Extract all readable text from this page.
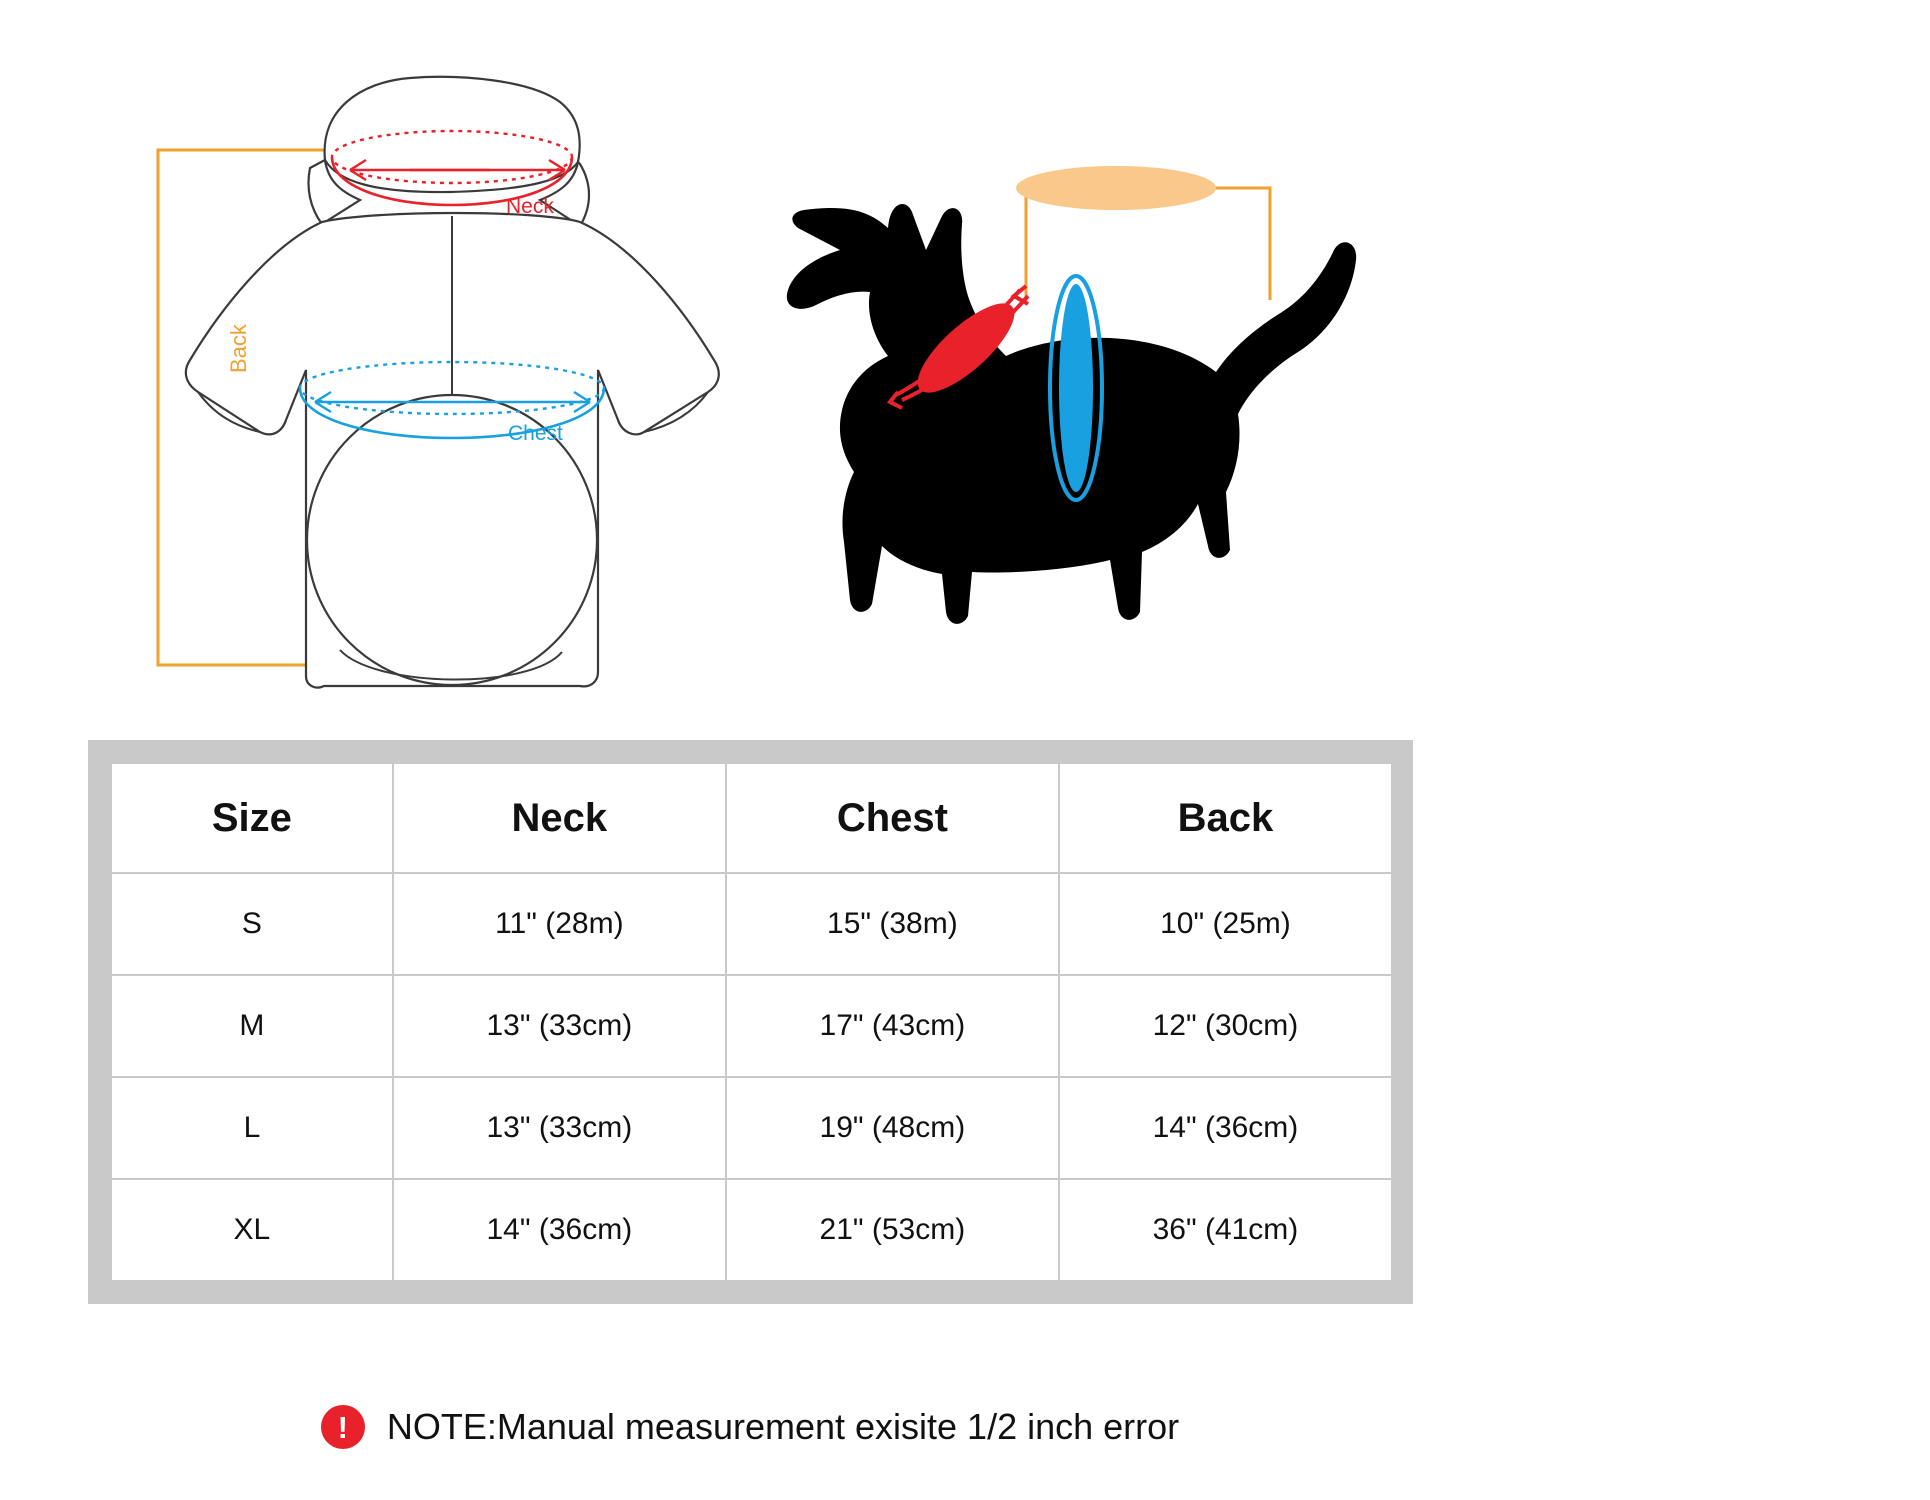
Neck
Chest
Back
Back
Chest
Chest
Size	Neck	Chest	Back
S	11" (28m)	15" (38m)	10" (25m)
M	13" (33cm)	17" (43cm)	12" (30cm)
L	13" (33cm)	19" (48cm)	14" (36cm)
XL	14" (36cm)	21" (53cm)	36" (41cm)
!	NOTE:Manual measurement exisite 1/2 inch error
